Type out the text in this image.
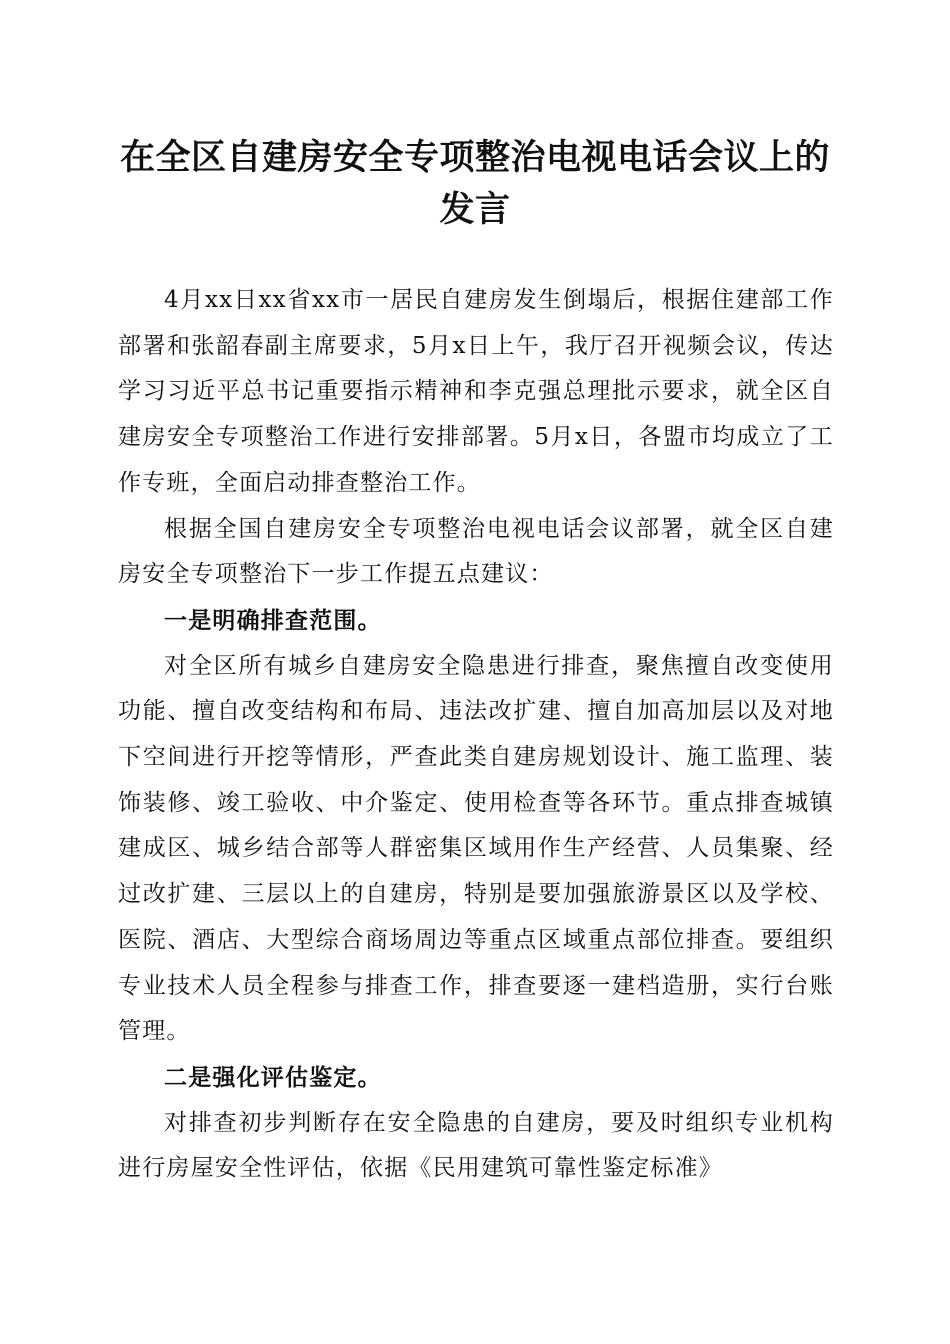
在全区自建房安全专项整治电视电话会议上的
发言

4月xx日xx省xx市一居民自建房发生倒塌后，根据住建部工作部署和张韶春副主席要求，5月x日上午，我厅召开视频会议，传达学习习近平总书记重要指示精神和李克强总理批示要求，就全区自建房安全专项整治工作进行安排部署。5月x日，各盟市均成立了工作专班，全面启动排查整治工作。

根据全国自建房安全专项整治电视电话会议部署，就全区自建房安全专项整治下一步工作提五点建议：

一是明确排查范围。

对全区所有城乡自建房安全隐患进行排查，聚焦擅自改变使用功能、擅自改变结构和布局、违法改扩建、擅自加高加层以及对地下空间进行开挖等情形，严查此类自建房规划设计、施工监理、装饰装修、竣工验收、中介鉴定、使用检查等各环节。重点排查城镇建成区、城乡结合部等人群密集区域用作生产经营、人员集聚、经过改扩建、三层以上的自建房，特别是要加强旅游景区以及学校、医院、酒店、大型综合商场周边等重点区域重点部位排查。要组织专业技术人员全程参与排查工作，排查要逐一建档造册，实行台账管理。

二是强化评估鉴定。

对排查初步判断存在安全隐患的自建房，要及时组织专业机构进行房屋安全性评估，依据《民用建筑可靠性鉴定标准》
